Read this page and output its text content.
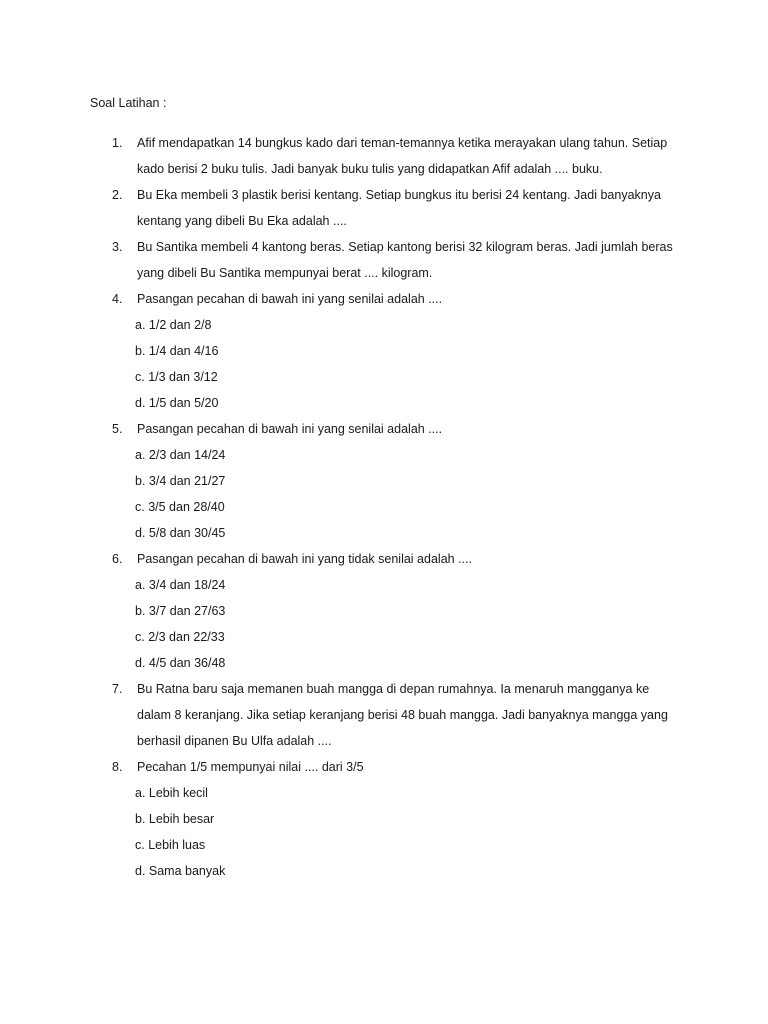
Soal Latihan :
1. Afif mendapatkan 14 bungkus kado dari teman-temannya ketika merayakan ulang tahun. Setiap
kado berisi 2 buku tulis. Jadi banyak buku tulis yang didapatkan Afif adalah .... buku.
2. Bu Eka membeli 3 plastik berisi kentang. Setiap bungkus itu berisi 24 kentang. Jadi banyaknya
kentang yang dibeli Bu Eka adalah ....
3. Bu Santika membeli 4 kantong beras. Setiap kantong berisi 32 kilogram beras. Jadi jumlah beras
yang dibeli Bu Santika mempunyai berat .... kilogram.
4. Pasangan pecahan di bawah ini yang senilai adalah ....
a. 1/2 dan 2/8
b. 1/4 dan 4/16
c. 1/3 dan 3/12
d. 1/5 dan 5/20
5. Pasangan pecahan di bawah ini yang senilai adalah ....
a. 2/3 dan 14/24
b. 3/4 dan 21/27
c. 3/5 dan 28/40
d. 5/8 dan 30/45
6. Pasangan pecahan di bawah ini yang tidak senilai adalah ....
a. 3/4 dan 18/24
b. 3/7 dan 27/63
c. 2/3 dan 22/33
d. 4/5 dan 36/48
7. Bu Ratna baru saja memanen buah mangga di depan rumahnya. Ia menaruh mangganya ke
dalam 8 keranjang. Jika setiap keranjang berisi 48 buah mangga. Jadi banyaknya mangga yang
berhasil dipanen Bu Ulfa adalah ....
8. Pecahan 1/5 mempunyai nilai .... dari 3/5
a. Lebih kecil
b. Lebih besar
c. Lebih luas
d. Sama banyak
